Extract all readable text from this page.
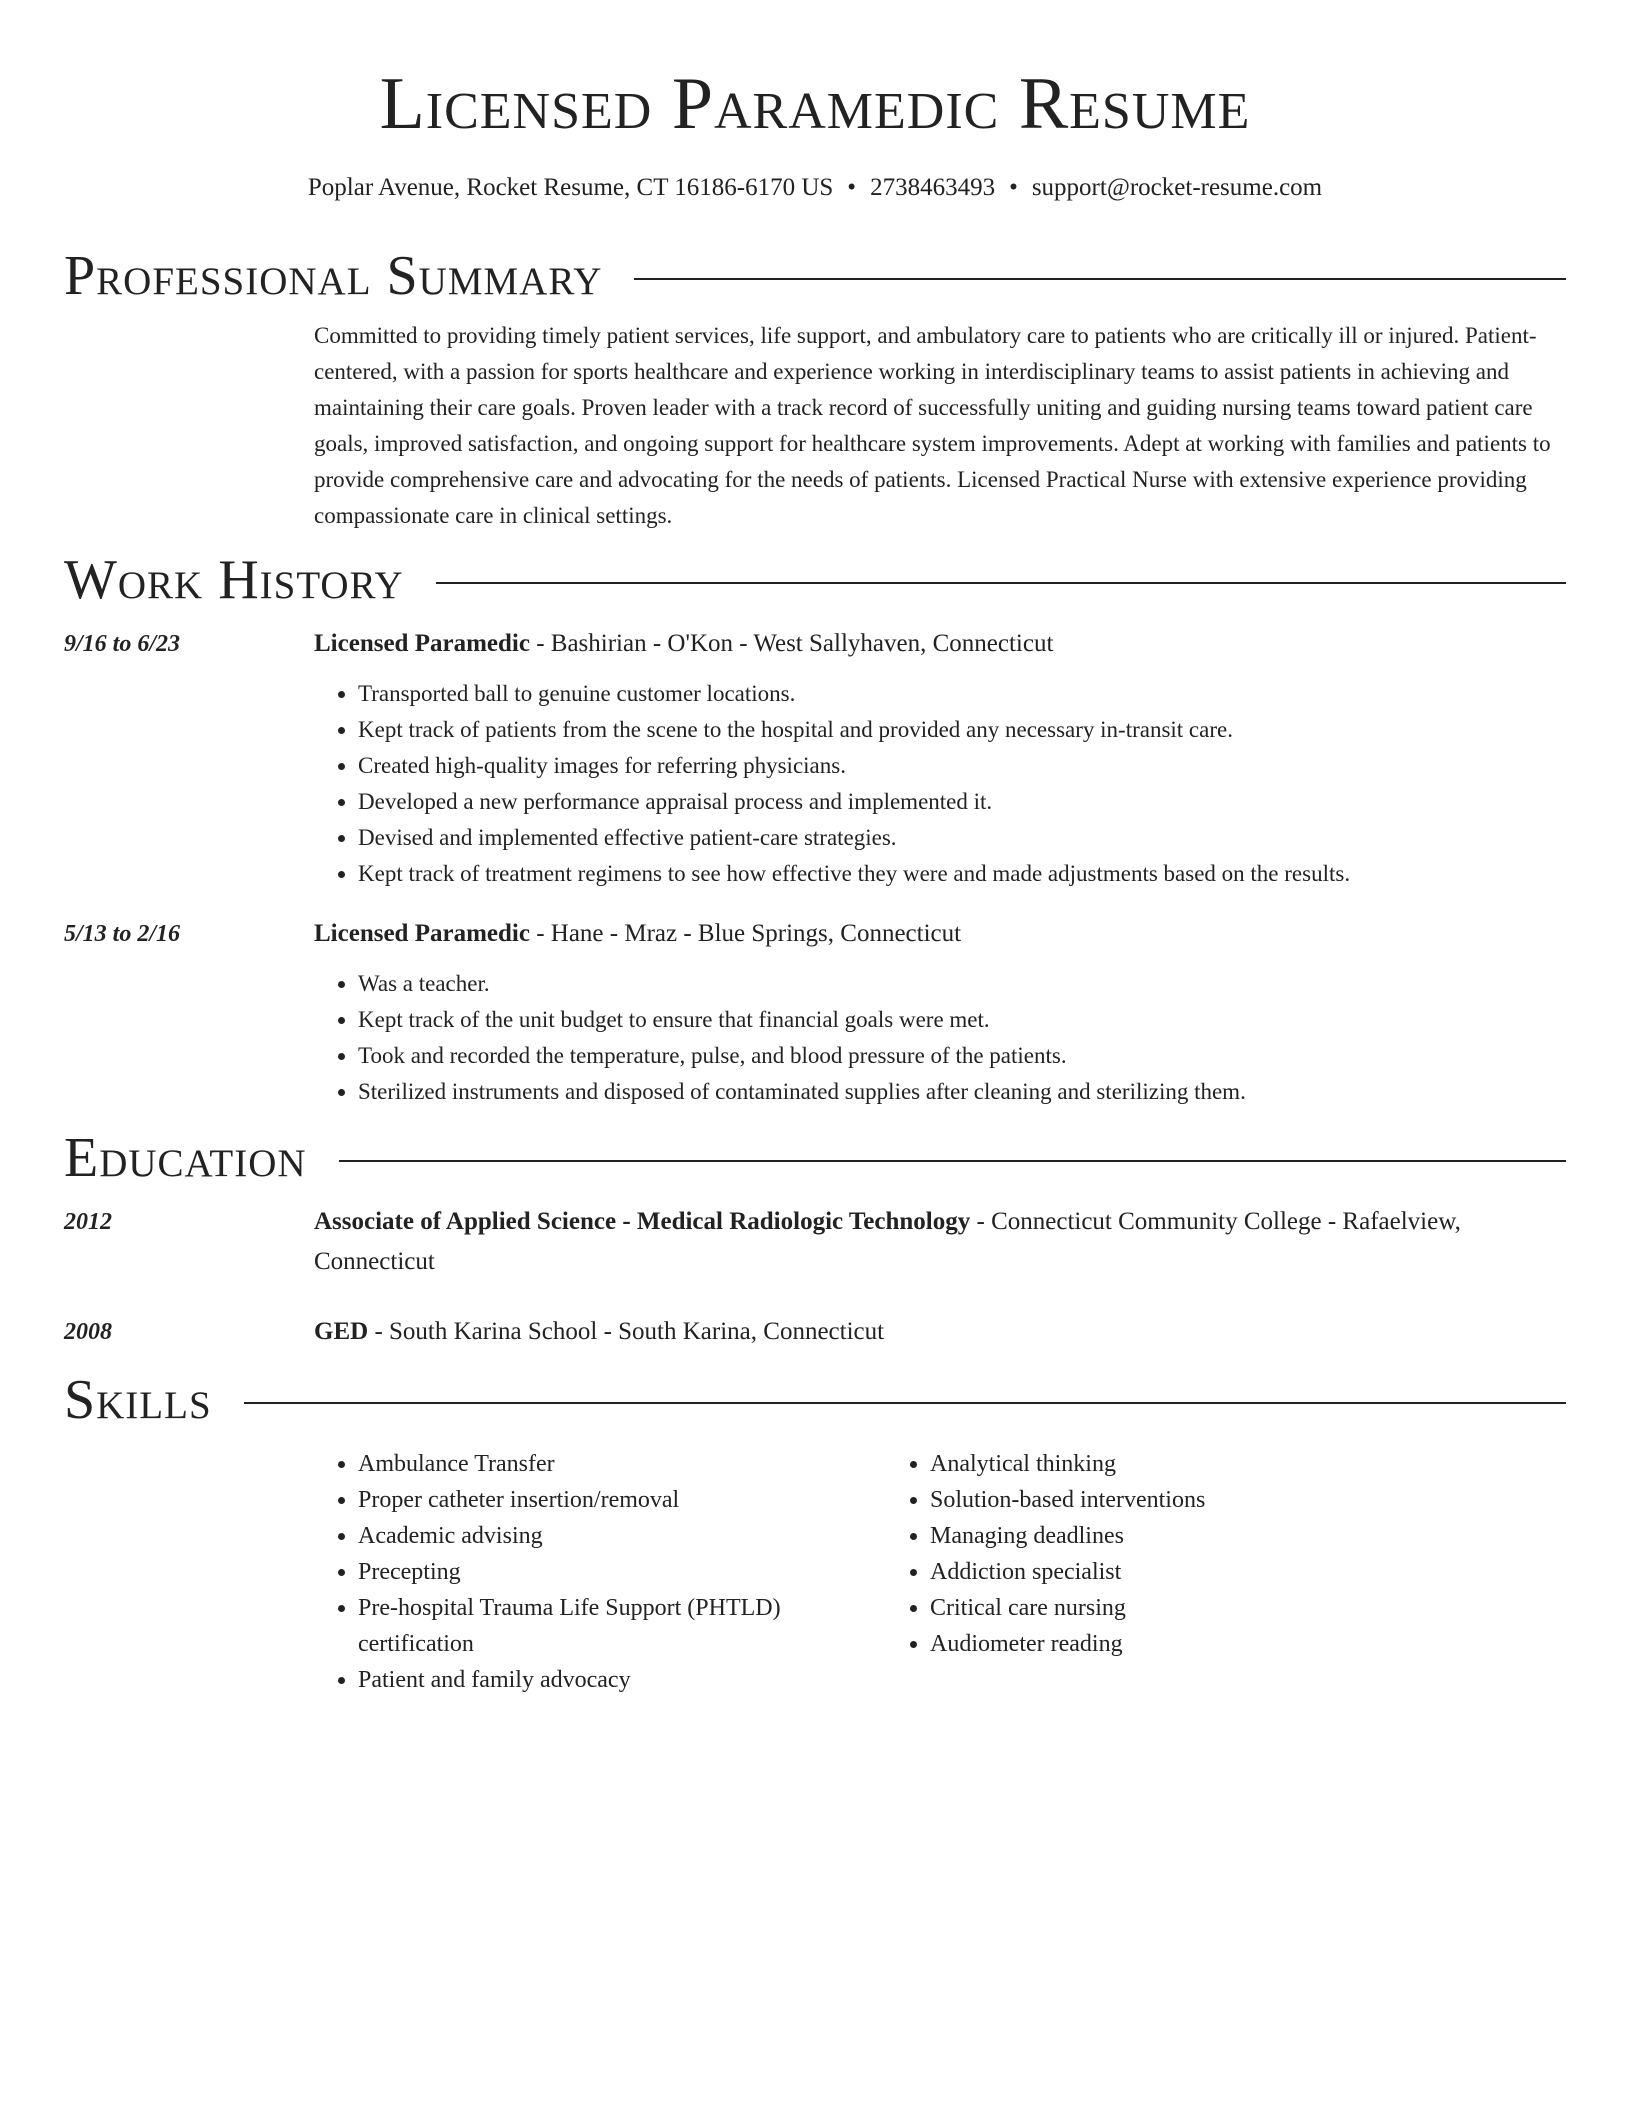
Licensed Paramedic Resume
Poplar Avenue, Rocket Resume, CT 16186-6170 US • 2738463493 • support@rocket-resume.com
Professional Summary
Committed to providing timely patient services, life support, and ambulatory care to patients who are critically ill or injured. Patient-centered, with a passion for sports healthcare and experience working in interdisciplinary teams to assist patients in achieving and maintaining their care goals. Proven leader with a track record of successfully uniting and guiding nursing teams toward patient care goals, improved satisfaction, and ongoing support for healthcare system improvements. Adept at working with families and patients to provide comprehensive care and advocating for the needs of patients. Licensed Practical Nurse with extensive experience providing compassionate care in clinical settings.
Work History
9/16 to 6/23	Licensed Paramedic - Bashirian - O'Kon - West Sallyhaven, Connecticut
• Transported ball to genuine customer locations.
• Kept track of patients from the scene to the hospital and provided any necessary in-transit care.
• Created high-quality images for referring physicians.
• Developed a new performance appraisal process and implemented it.
• Devised and implemented effective patient-care strategies.
• Kept track of treatment regimens to see how effective they were and made adjustments based on the results.
5/13 to 2/16	Licensed Paramedic - Hane - Mraz - Blue Springs, Connecticut
• Was a teacher.
• Kept track of the unit budget to ensure that financial goals were met.
• Took and recorded the temperature, pulse, and blood pressure of the patients.
• Sterilized instruments and disposed of contaminated supplies after cleaning and sterilizing them.
Education
2012	Associate of Applied Science - Medical Radiologic Technology - Connecticut Community College - Rafaelview, Connecticut
2008	GED - South Karina School - South Karina, Connecticut
Skills
• Ambulance Transfer
• Proper catheter insertion/removal
• Academic advising
• Precepting
• Pre-hospital Trauma Life Support (PHTLD) certification
• Patient and family advocacy
• Analytical thinking
• Solution-based interventions
• Managing deadlines
• Addiction specialist
• Critical care nursing
• Audiometer reading
